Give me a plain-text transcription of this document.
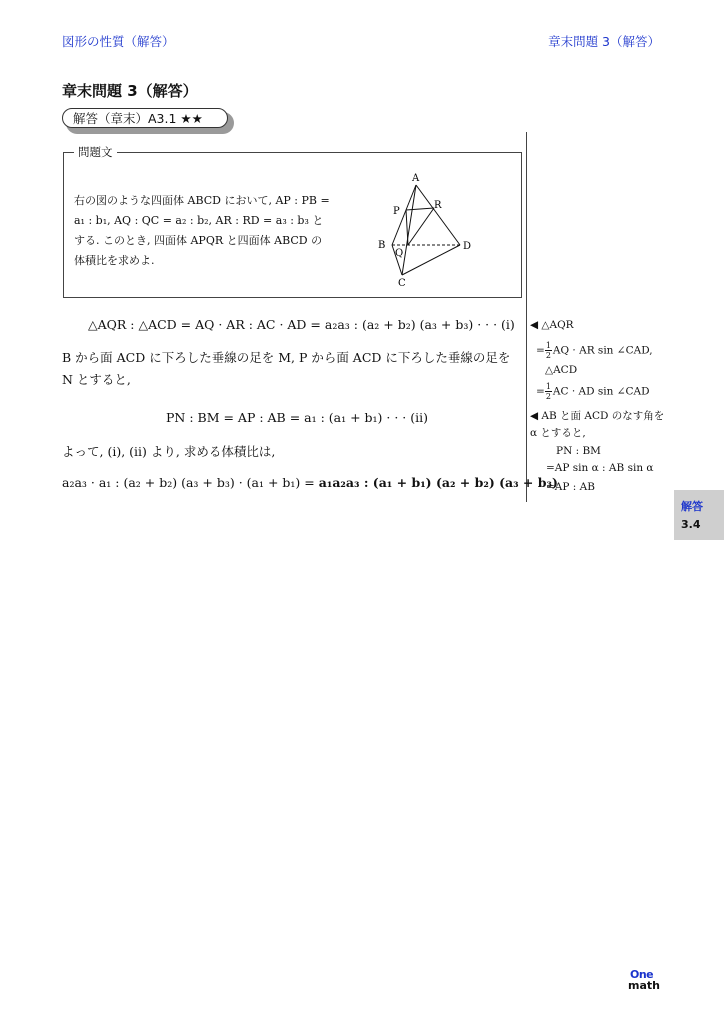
図形の性質（解答）	章末問題 3（解答）
章末問題 3（解答）
解答（章末）A3.1 ★★
問題文
右の図のような四面体 ABCD において, AP : PB =
a₁ : b₁, AQ : QC = a₂ : b₂, AR : RD = a₃ : b₃ と
する. このとき, 四面体 APQR と四面体 ABCD の
体積比を求めよ.
A
B
C
D
P
Q
R
△AQR : △ACD = AQ · AR : AC · AD = a₂a₃ : (a₂ + b₂) (a₃ + b₃) · · · (i)
B から面 ACD に下ろした垂線の足を M, P から面 ACD に下ろした垂線の足を N とすると,
PN : BM = AP : AB = a₁ : (a₁ + b₁) · · · (ii)
よって, (i), (ii) より, 求める体積比は,
a₂a₃ · a₁ : (a₂ + b₂) (a₃ + b₃) · (a₁ + b₁) = a₁a₂a₃ : (a₁ + b₁) (a₂ + b₂) (a₃ + b₃)
◀ △AQR
= $\frac{1}{2}$ AQ · AR sin ∠CAD,
△ACD
= $\frac{1}{2}$ AC · AD sin ∠CAD
◀ AB と面 ACD のなす角を
α とすると,
PN : BM
=AP sin α : AB sin α
=AP : AB
解答
3.4
One
math
